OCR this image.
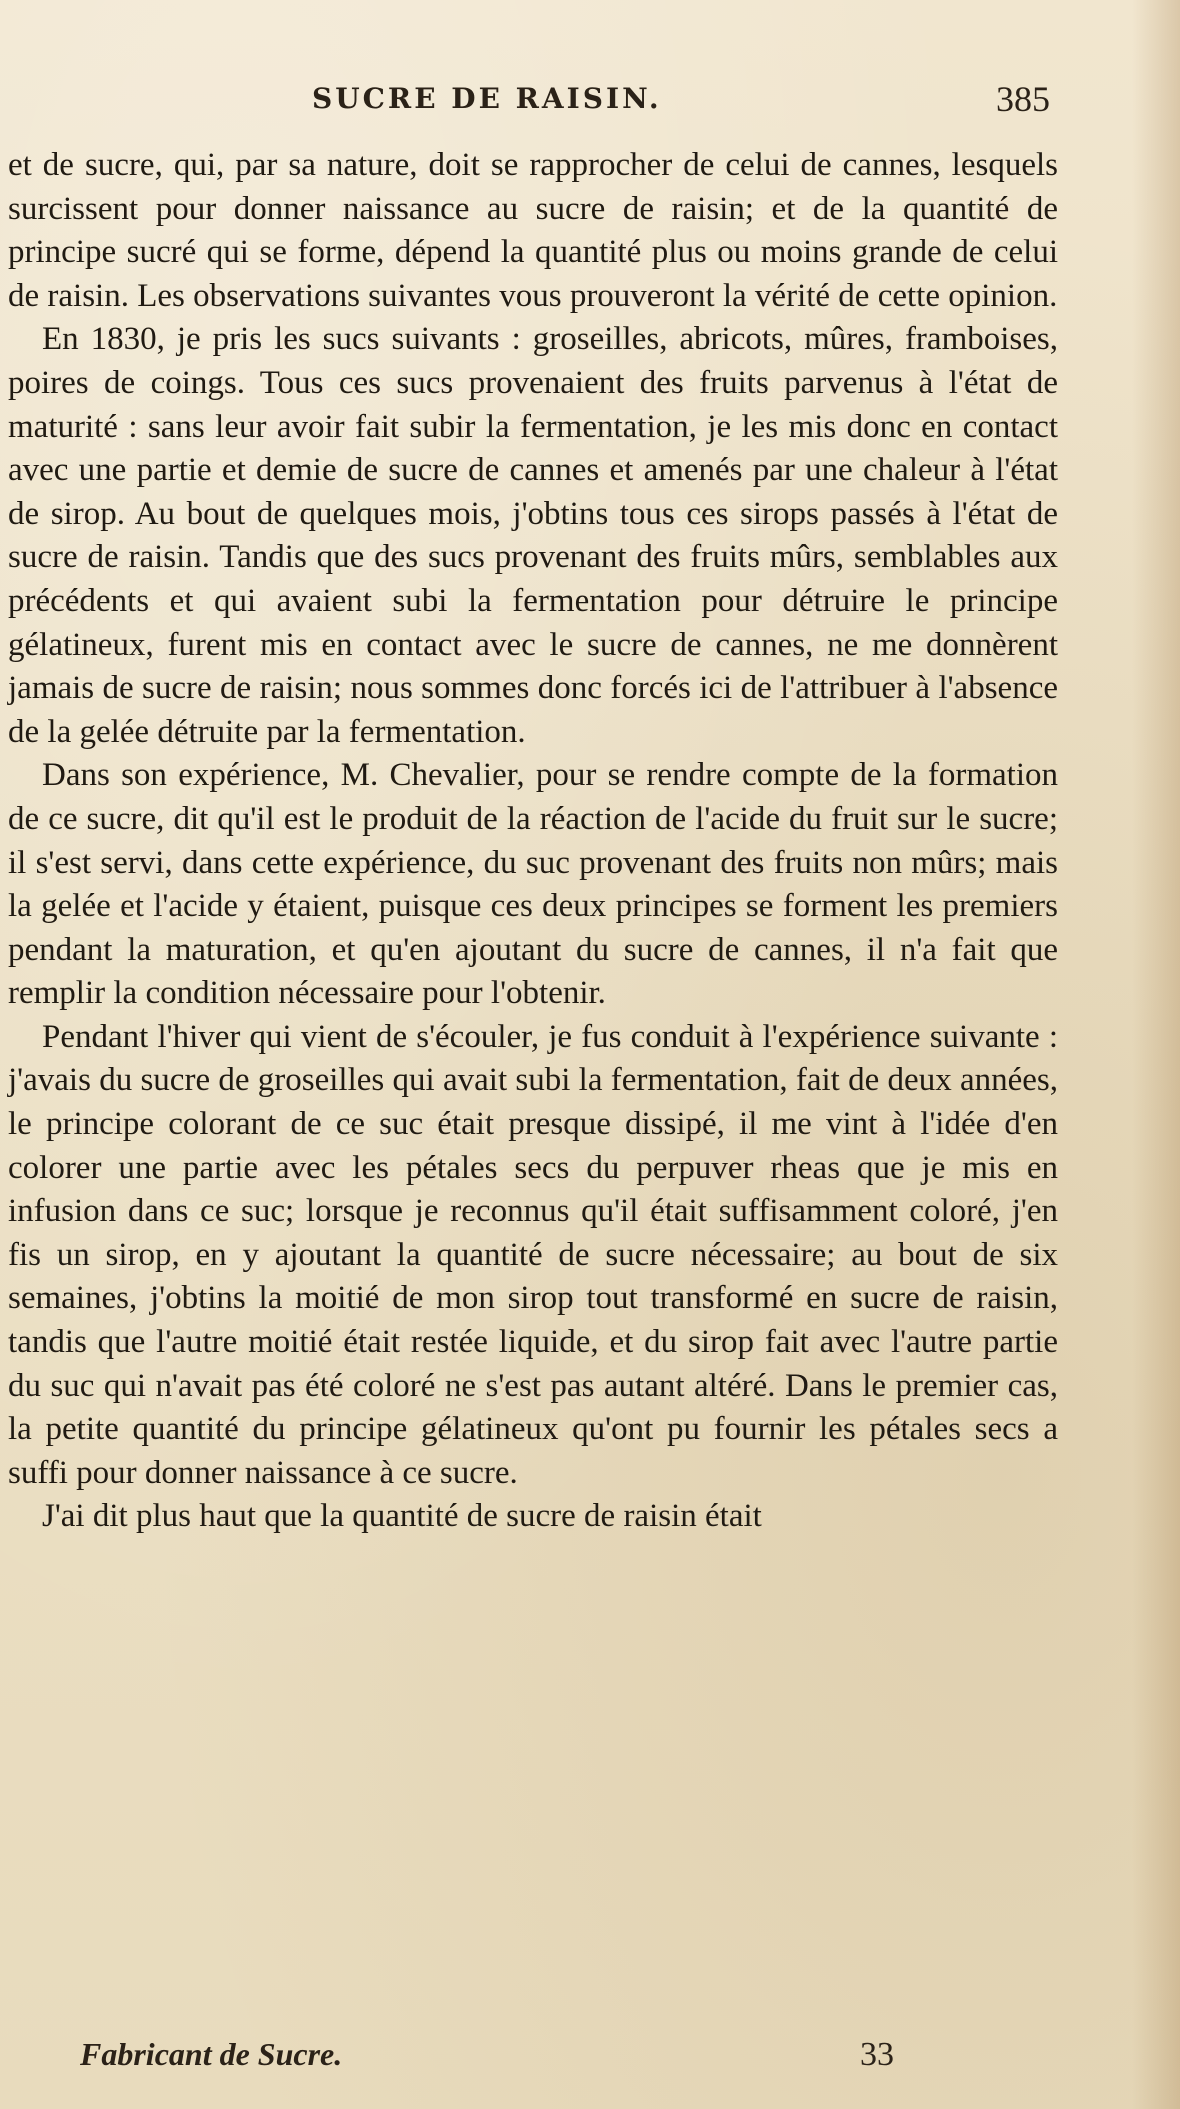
SUCRE DE RAISIN.	385

et de sucre, qui, par sa nature, doit se rapprocher de celui de cannes, lesquels surcissent pour donner naissance au sucre de raisin; et de la quantité de principe sucré qui se forme, dépend la quantité plus ou moins grande de celui de raisin. Les observations suivantes vous prouveront la vérité de cette opinion.

En 1830, je pris les sucs suivants : groseilles, abricots, mûres, framboises, poires de coings. Tous ces sucs provenaient des fruits parvenus à l'état de maturité : sans leur avoir fait subir la fermentation, je les mis donc en contact avec une partie et demie de sucre de cannes et amenés par une chaleur à l'état de sirop. Au bout de quelques mois, j'obtins tous ces sirops passés à l'état de sucre de raisin. Tandis que des sucs provenant des fruits mûrs, semblables aux précédents et qui avaient subi la fermentation pour détruire le principe gélatineux, furent mis en contact avec le sucre de cannes, ne me donnèrent jamais de sucre de raisin; nous sommes donc forcés ici de l'attribuer à l'absence de la gelée détruite par la fermentation.

Dans son expérience, M. Chevalier, pour se rendre compte de la formation de ce sucre, dit qu'il est le produit de la réaction de l'acide du fruit sur le sucre; il s'est servi, dans cette expérience, du suc provenant des fruits non mûrs; mais la gelée et l'acide y étaient, puisque ces deux principes se forment les premiers pendant la maturation, et qu'en ajoutant du sucre de cannes, il n'a fait que remplir la condition nécessaire pour l'obtenir.

Pendant l'hiver qui vient de s'écouler, je fus conduit à l'expérience suivante : j'avais du sucre de groseilles qui avait subi la fermentation, fait de deux années, le principe colorant de ce suc était presque dissipé, il me vint à l'idée d'en colorer une partie avec les pétales secs du perpuver rheas que je mis en infusion dans ce suc; lorsque je reconnus qu'il était suffisamment coloré, j'en fis un sirop, en y ajoutant la quantité de sucre nécessaire; au bout de six semaines, j'obtins la moitié de mon sirop tout transformé en sucre de raisin, tandis que l'autre moitié était restée liquide, et du sirop fait avec l'autre partie du suc qui n'avait pas été coloré ne s'est pas autant altéré. Dans le premier cas, la petite quantité du principe gélatineux qu'ont pu fournir les pétales secs a suffi pour donner naissance à ce sucre.

J'ai dit plus haut que la quantité de sucre de raisin était

Fabricant de Sucre.	33
